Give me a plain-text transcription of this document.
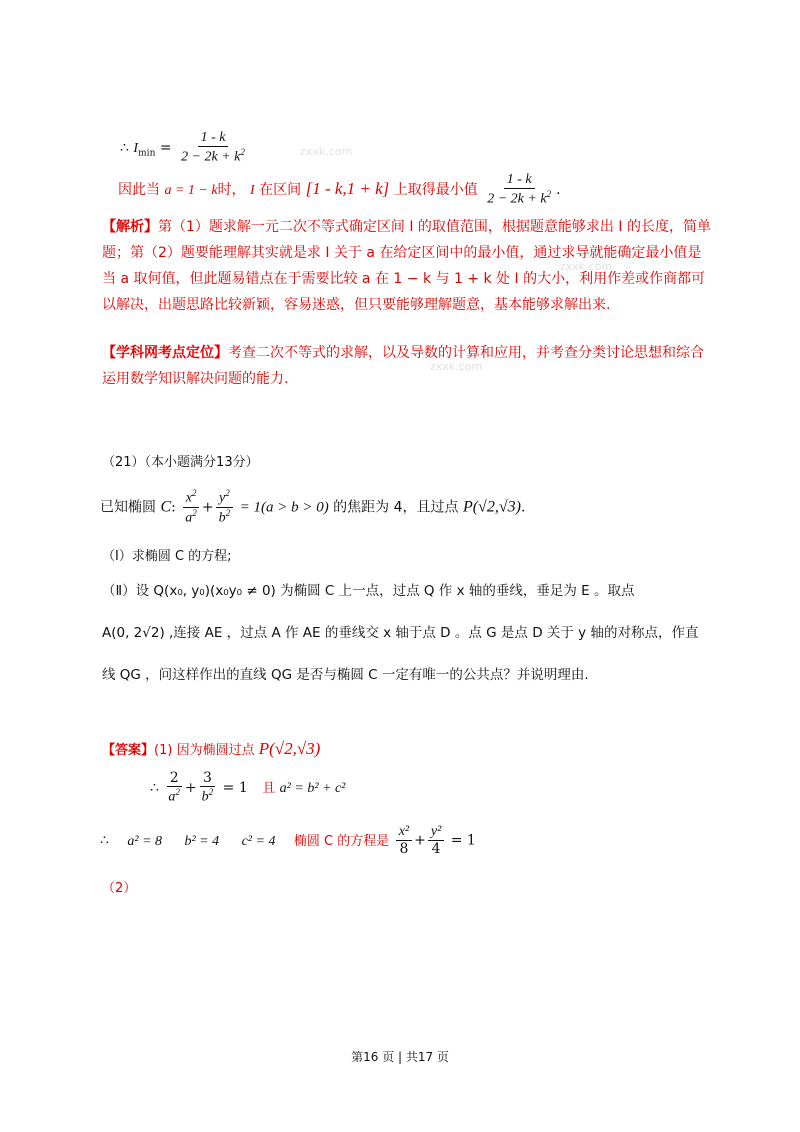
zxxk.com
zxxk.com
zxxk.com
∴ $I_{min} = \frac{1 - k}{2 - 2k + k^2}$
因此当 a = 1 − k时， I 在区间 [1 - k,1 + k] 上取得最小值 $\frac{1 - k}{2 - 2k + k^2}$ .
【解析】第（1）题求解一元二次不等式确定区间 I 的取值范围，根据题意能够求出 I 的长度，简单题；第（2）题要能理解其实就是求 I 关于 a 在给定区间中的最小值，通过求导就能确定最小值是当 a 取何值，但此题易错点在于需要比较 a 在 1 − k 与 1 + k 处 I 的大小，利用作差或作商都可以解决，出题思路比较新颖，容易迷惑，但只要能够理解题意，基本能够求解出来.
【学科网考点定位】考查二次不等式的求解，以及导数的计算和应用，并考查分类讨论思想和综合运用数学知识解决问题的能力.
（21）（本小题满分13分）
已知椭圆 C: $\frac{x^2}{a^2} + \frac{y^2}{b^2} = 1(a > b > 0)$ 的焦距为 4，且过点 P(√2,√3).
（Ⅰ）求椭圆 C 的方程;
（Ⅱ）设 Q(x₀, y₀)(x₀y₀ ≠ 0) 为椭圆 C 上一点，过点 Q 作 x 轴的垂线，垂足为 E 。取点
A(0, 2√2) ,连接 AE ，过点 A 作 AE 的垂线交 x 轴于点 D 。点 G 是点 D 关于 y 轴的对称点，作直
线 QG ，问这样作出的直线 QG 是否与椭圆 C 一定有唯一的公共点？并说明理由.
【答案】(1) 因为椭圆过点 P(√2,√3)
∴ $\frac{2}{a^2} + \frac{3}{b^2} = 1$ 且 a² = b² + c²
∴ a² = 8 b² = 4 c² = 4 椭圆 C 的方程是 $\frac{\text{x²}}{8} + \frac{\text{y²}}{4} = 1$
（2）
第16 页 | 共17 页
